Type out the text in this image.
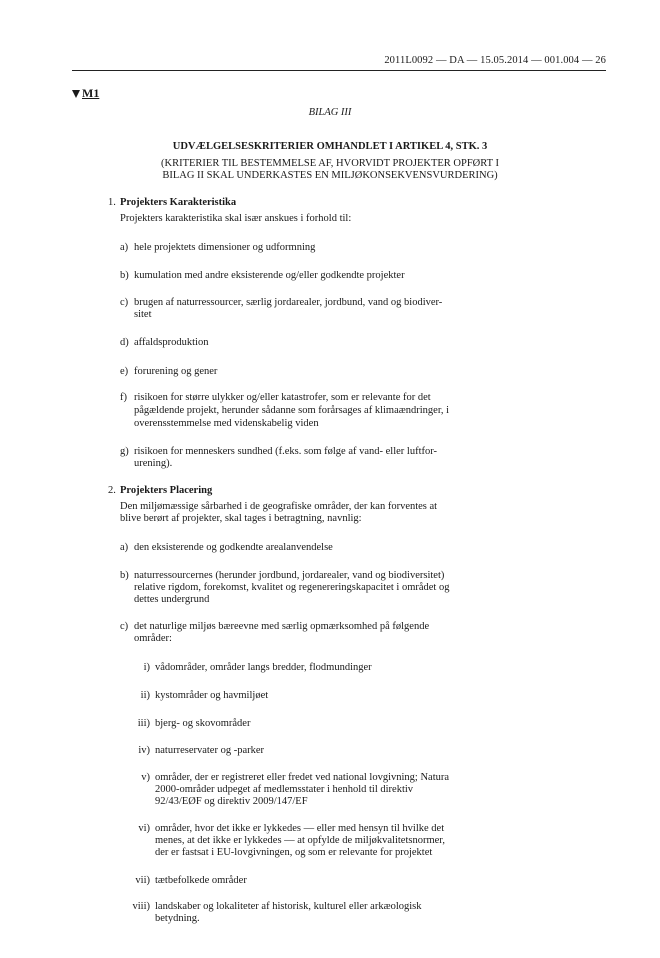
2011L0092 — DA — 15.05.2014 — 001.004 — 26
M1
BILAG III
UDVÆLGELSESKRITERIER OMHANDLET I ARTIKEL 4, STK. 3
(KRITERIER TIL BESTEMMELSE AF, HVORVIDT PROJEKTER OPFØRT I
BILAG II SKAL UNDERKASTES EN MILJØKONSEKVENSVURDERING)
1. Projekters Karakteristika
Projekters karakteristika skal især anskues i forhold til:
a) hele projektets dimensioner og udformning
b) kumulation med andre eksisterende og/eller godkendte projekter
c) brugen af naturressourcer, særlig jordarealer, jordbund, vand og biodiver-
sitet
d) affaldsproduktion
e) forurening og gener
f) risikoen for større ulykker og/eller katastrofer, som er relevante for det
pågældende projekt, herunder sådanne som forårsages af klimaændringer, i
overensstemmelse med videnskabelig viden
g) risikoen for menneskers sundhed (f.eks. som følge af vand- eller luftfor-
urening).
2. Projekters Placering
Den miljømæssige sårbarhed i de geografiske områder, der kan forventes at
blive berørt af projekter, skal tages i betragtning, navnlig:
a) den eksisterende og godkendte arealanvendelse
b) naturressourcernes (herunder jordbund, jordarealer, vand og biodiversitet)
relative rigdom, forekomst, kvalitet og regenereringskapacitet i området og
dettes undergrund
c) det naturlige miljøs bæreevne med særlig opmærksomhed på følgende
områder:
i) vådområder, områder langs bredder, flodmundinger
ii) kystområder og havmiljøet
iii) bjerg- og skovområder
iv) naturreservater og -parker
v) områder, der er registreret eller fredet ved national lovgivning; Natura
2000-områder udpeget af medlemsstater i henhold til direktiv
92/43/EØF og direktiv 2009/147/EF
vi) områder, hvor det ikke er lykkedes — eller med hensyn til hvilke det
menes, at det ikke er lykkedes — at opfylde de miljøkvalitetsnormer,
der er fastsat i EU-lovgivningen, og som er relevante for projektet
vii) tætbefolkede områder
viii) landskaber og lokaliteter af historisk, kulturel eller arkæologisk
betydning.
